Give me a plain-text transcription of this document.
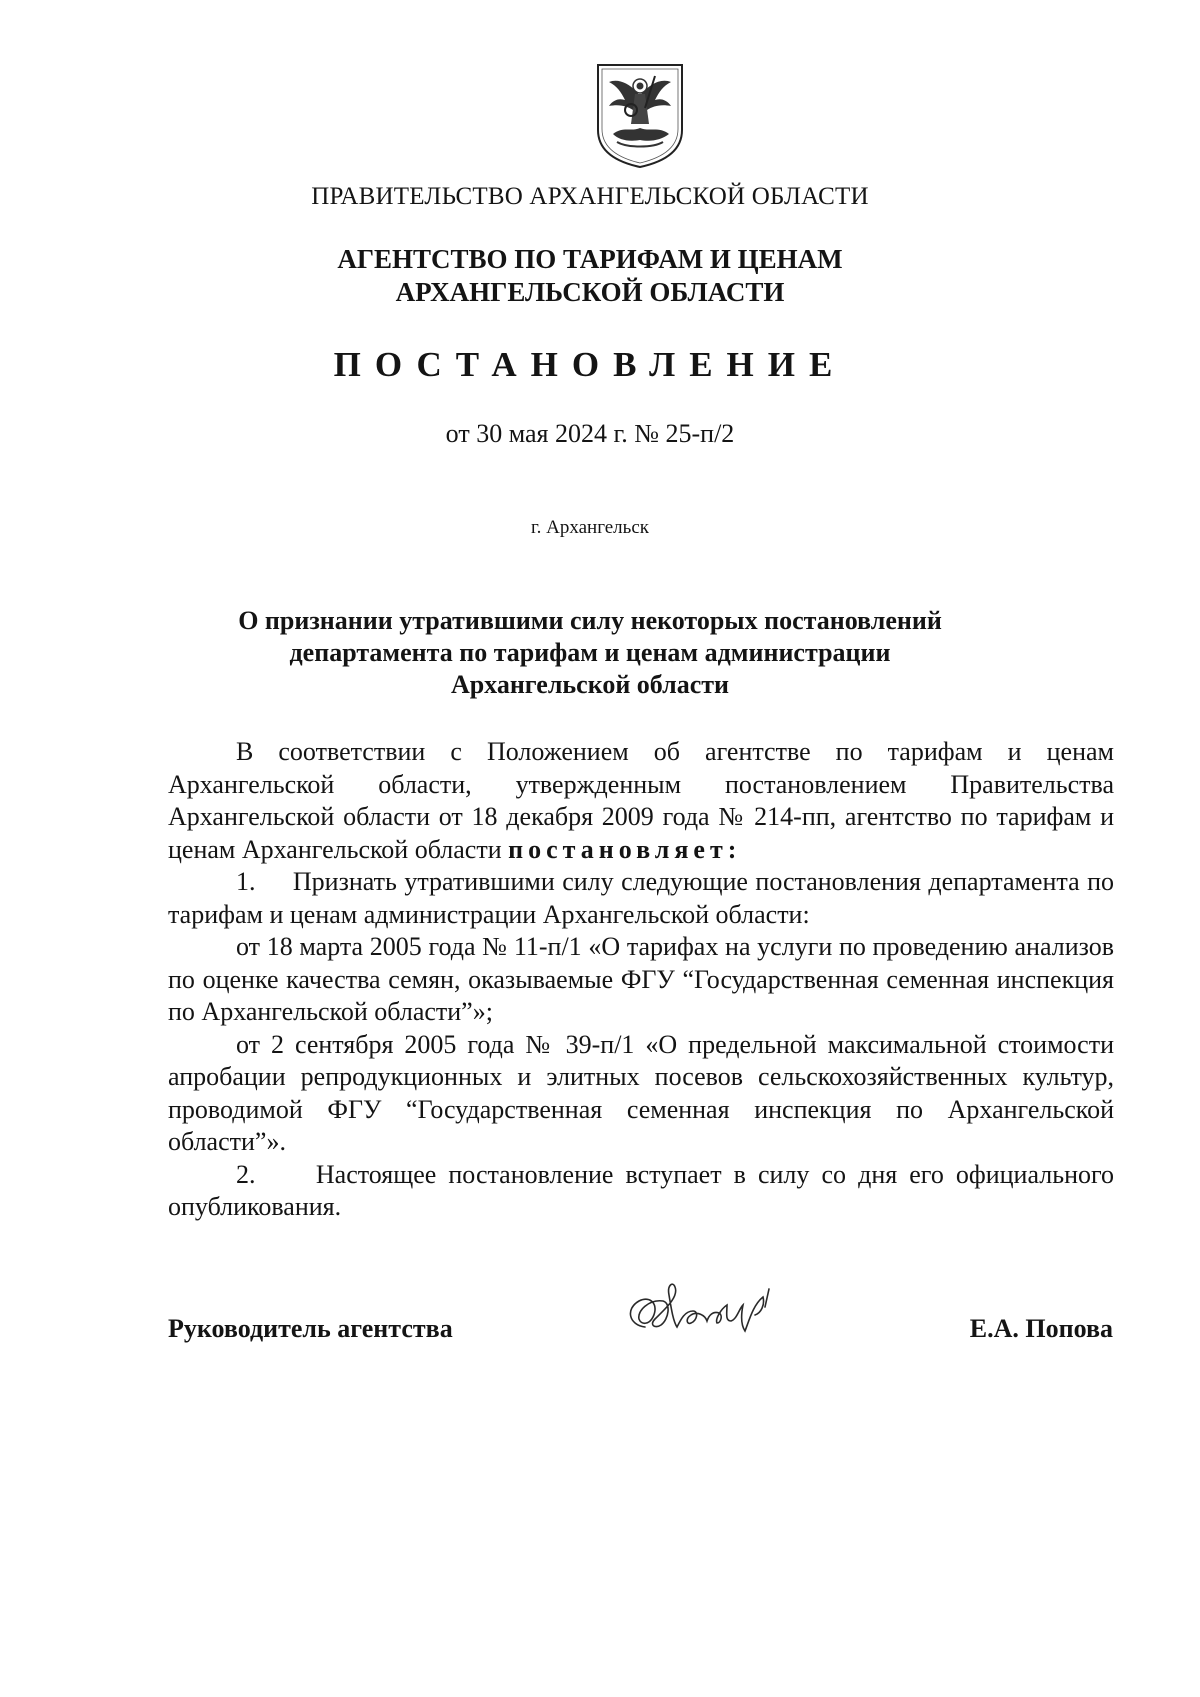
ПРАВИТЕЛЬСТВО АРХАНГЕЛЬСКОЙ ОБЛАСТИ
АГЕНТСТВО ПО ТАРИФАМ И ЦЕНАМ
АРХАНГЕЛЬСКОЙ ОБЛАСТИ
ПОСТАНОВЛЕНИЕ
от 30 мая 2024 г. № 25-п/2
г. Архангельск
О признании утратившими силу некоторых постановлений
департамента по тарифам и ценам администрации
Архангельской области

В соответствии с Положением об агентстве по тарифам и ценам Архангельской области, утвержденным постановлением Правительства Архангельской области от 18 декабря 2009 года № 214-пп, агентство по тарифам и ценам Архангельской области постановляет:

1. Признать утратившими силу следующие постановления департамента по тарифам и ценам администрации Архангельской области:

от 18 марта 2005 года № 11-п/1 «О тарифах на услуги по проведению анализов по оценке качества семян, оказываемые ФГУ “Государственная семенная инспекция по Архангельской области”»;

от 2 сентября 2005 года № 39-п/1 «О предельной максимальной стоимости апробации репродукционных и элитных посевов сельскохозяйственных культур, проводимой ФГУ “Государственная семенная инспекция по Архангельской области”».

2. Настоящее постановление вступает в силу со дня его официального опубликования.

Руководитель агентства	Е.А. Попова
